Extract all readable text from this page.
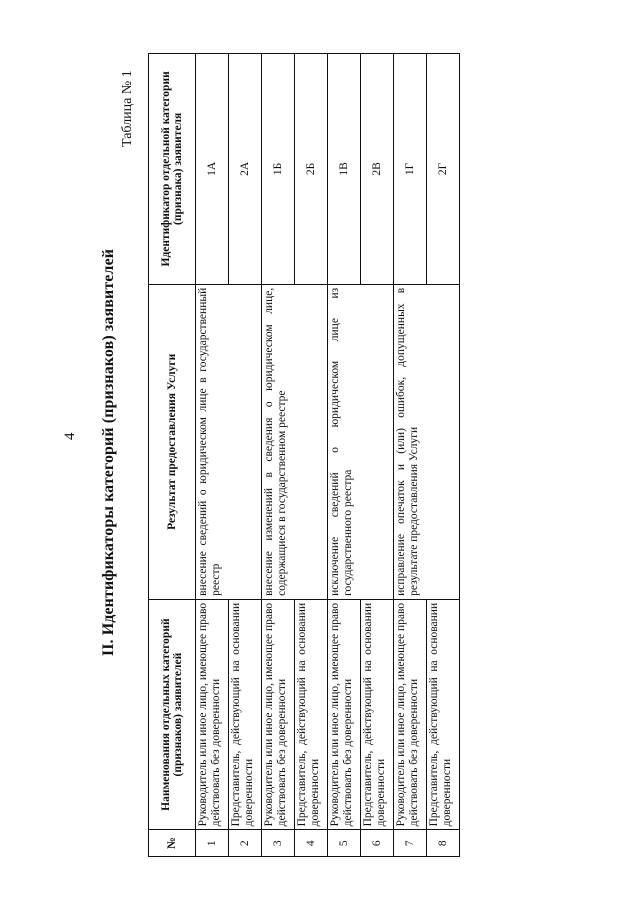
4 II. Идентификаторы категорий (признаков) заявителей
Таблица № 1
№	Наименования отдельных категорий (признаков) заявителей	Результат предоставления Услуги	Идентификатор отдельной категории (признака) заявителя
1	Руководитель или иное лицо, имеющее право действовать без доверенности	внесение сведений о юридическом лице в государственный реестр	1А
2	Представитель, действующий на основании доверенности		2А
3	Руководитель или иное лицо, имеющее право действовать без доверенности	внесение изменений в сведения о юридическом лице, содержащиеся в государственном реестре	1Б
4	Представитель, действующий на основании доверенности		2Б
5	Руководитель или иное лицо, имеющее право действовать без доверенности	исключение сведений о юридическом лице из государственного реестра	1В
6	Представитель, действующий на основании доверенности		2В
7	Руководитель или иное лицо, имеющее право действовать без доверенности	исправление опечаток и (или) ошибок, допущенных в результате предоставления Услуги	1Г
8	Представитель, действующий на основании доверенности		2Г
